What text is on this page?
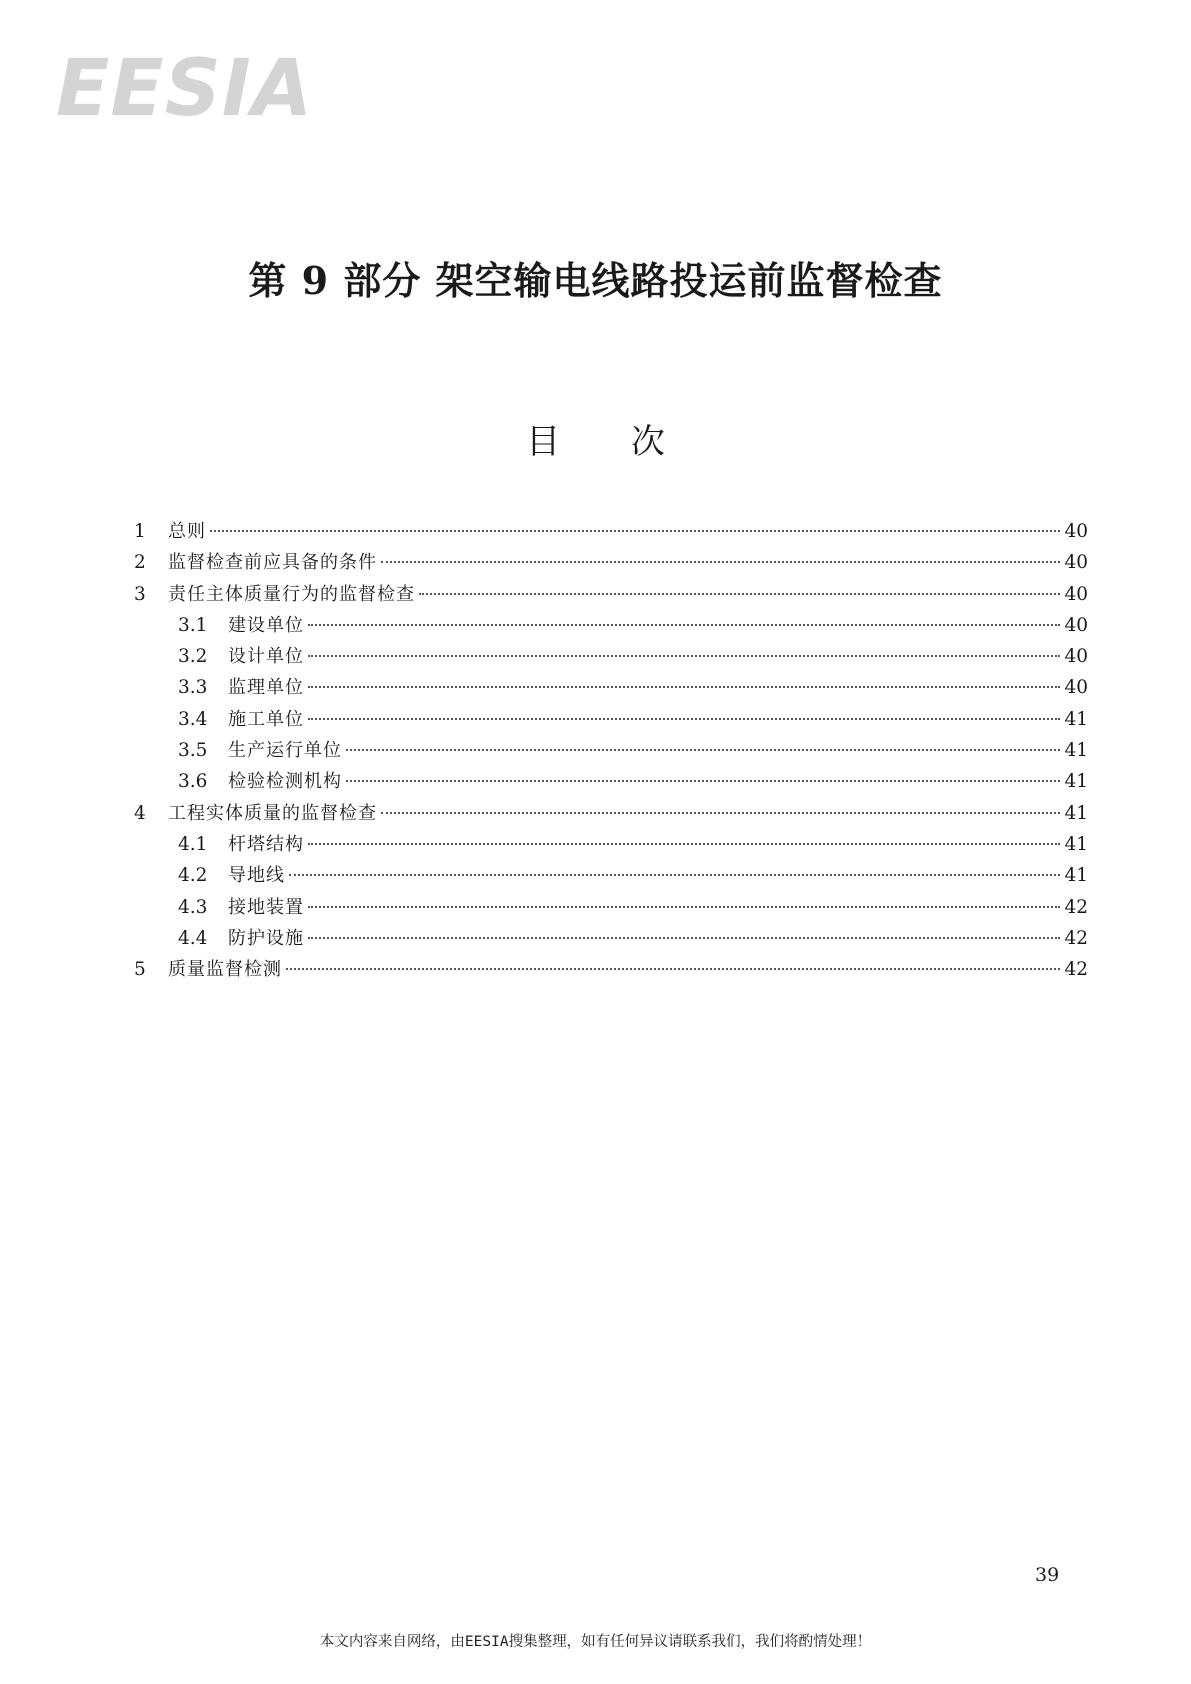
EESIA
第 9 部分 架空输电线路投运前监督检查
目 次
1	总则	40
2	监督检查前应具备的条件	40
3	责任主体质量行为的监督检查	40
3.1	建设单位	40
3.2	设计单位	40
3.3	监理单位	40
3.4	施工单位	41
3.5	生产运行单位	41
3.6	检验检测机构	41
4	工程实体质量的监督检查	41
4.1	杆塔结构	41
4.2	导地线	41
4.3	接地装置	42
4.4	防护设施	42
5	质量监督检测	42
39
本文内容来自网络，由EESIA搜集整理，如有任何异议请联系我们，我们将酌情处理！
